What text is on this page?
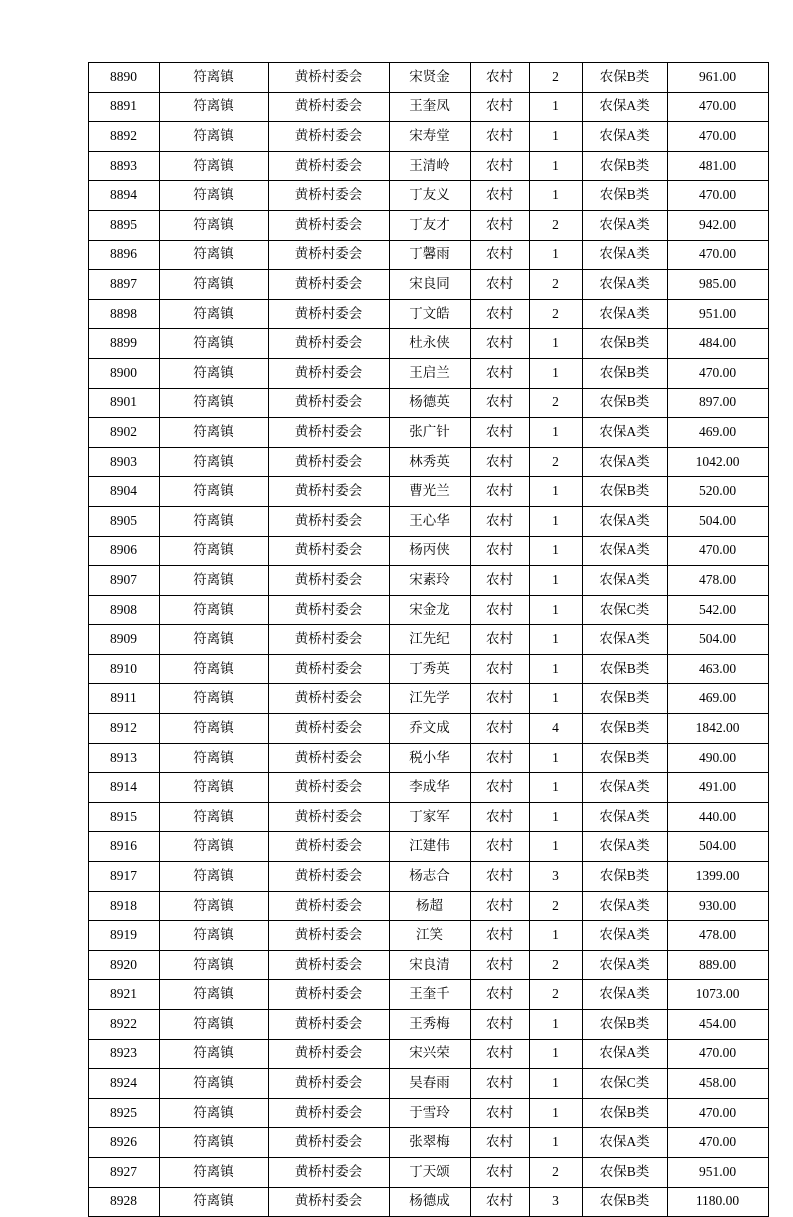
8890	符离镇	黄桥村委会	宋贤金	农村	2	农保B类	961.00
8891	符离镇	黄桥村委会	王奎凤	农村	1	农保A类	470.00
8892	符离镇	黄桥村委会	宋寿堂	农村	1	农保A类	470.00
8893	符离镇	黄桥村委会	王清岭	农村	1	农保B类	481.00
8894	符离镇	黄桥村委会	丁友义	农村	1	农保B类	470.00
8895	符离镇	黄桥村委会	丁友才	农村	2	农保A类	942.00
8896	符离镇	黄桥村委会	丁馨雨	农村	1	农保A类	470.00
8897	符离镇	黄桥村委会	宋良同	农村	2	农保A类	985.00
8898	符离镇	黄桥村委会	丁文皓	农村	2	农保A类	951.00
8899	符离镇	黄桥村委会	杜永侠	农村	1	农保B类	484.00
8900	符离镇	黄桥村委会	王启兰	农村	1	农保B类	470.00
8901	符离镇	黄桥村委会	杨德英	农村	2	农保B类	897.00
8902	符离镇	黄桥村委会	张广针	农村	1	农保A类	469.00
8903	符离镇	黄桥村委会	林秀英	农村	2	农保A类	1042.00
8904	符离镇	黄桥村委会	曹光兰	农村	1	农保B类	520.00
8905	符离镇	黄桥村委会	王心华	农村	1	农保A类	504.00
8906	符离镇	黄桥村委会	杨丙侠	农村	1	农保A类	470.00
8907	符离镇	黄桥村委会	宋素玲	农村	1	农保A类	478.00
8908	符离镇	黄桥村委会	宋金龙	农村	1	农保C类	542.00
8909	符离镇	黄桥村委会	江先纪	农村	1	农保A类	504.00
8910	符离镇	黄桥村委会	丁秀英	农村	1	农保B类	463.00
8911	符离镇	黄桥村委会	江先学	农村	1	农保B类	469.00
8912	符离镇	黄桥村委会	乔文成	农村	4	农保B类	1842.00
8913	符离镇	黄桥村委会	税小华	农村	1	农保B类	490.00
8914	符离镇	黄桥村委会	李成华	农村	1	农保A类	491.00
8915	符离镇	黄桥村委会	丁家军	农村	1	农保A类	440.00
8916	符离镇	黄桥村委会	江建伟	农村	1	农保A类	504.00
8917	符离镇	黄桥村委会	杨志合	农村	3	农保B类	1399.00
8918	符离镇	黄桥村委会	杨超	农村	2	农保A类	930.00
8919	符离镇	黄桥村委会	江笑	农村	1	农保A类	478.00
8920	符离镇	黄桥村委会	宋良清	农村	2	农保A类	889.00
8921	符离镇	黄桥村委会	王奎千	农村	2	农保A类	1073.00
8922	符离镇	黄桥村委会	王秀梅	农村	1	农保B类	454.00
8923	符离镇	黄桥村委会	宋兴荣	农村	1	农保A类	470.00
8924	符离镇	黄桥村委会	吴春雨	农村	1	农保C类	458.00
8925	符离镇	黄桥村委会	于雪玲	农村	1	农保B类	470.00
8926	符离镇	黄桥村委会	张翠梅	农村	1	农保A类	470.00
8927	符离镇	黄桥村委会	丁天颂	农村	2	农保B类	951.00
8928	符离镇	黄桥村委会	杨德成	农村	3	农保B类	1180.00
